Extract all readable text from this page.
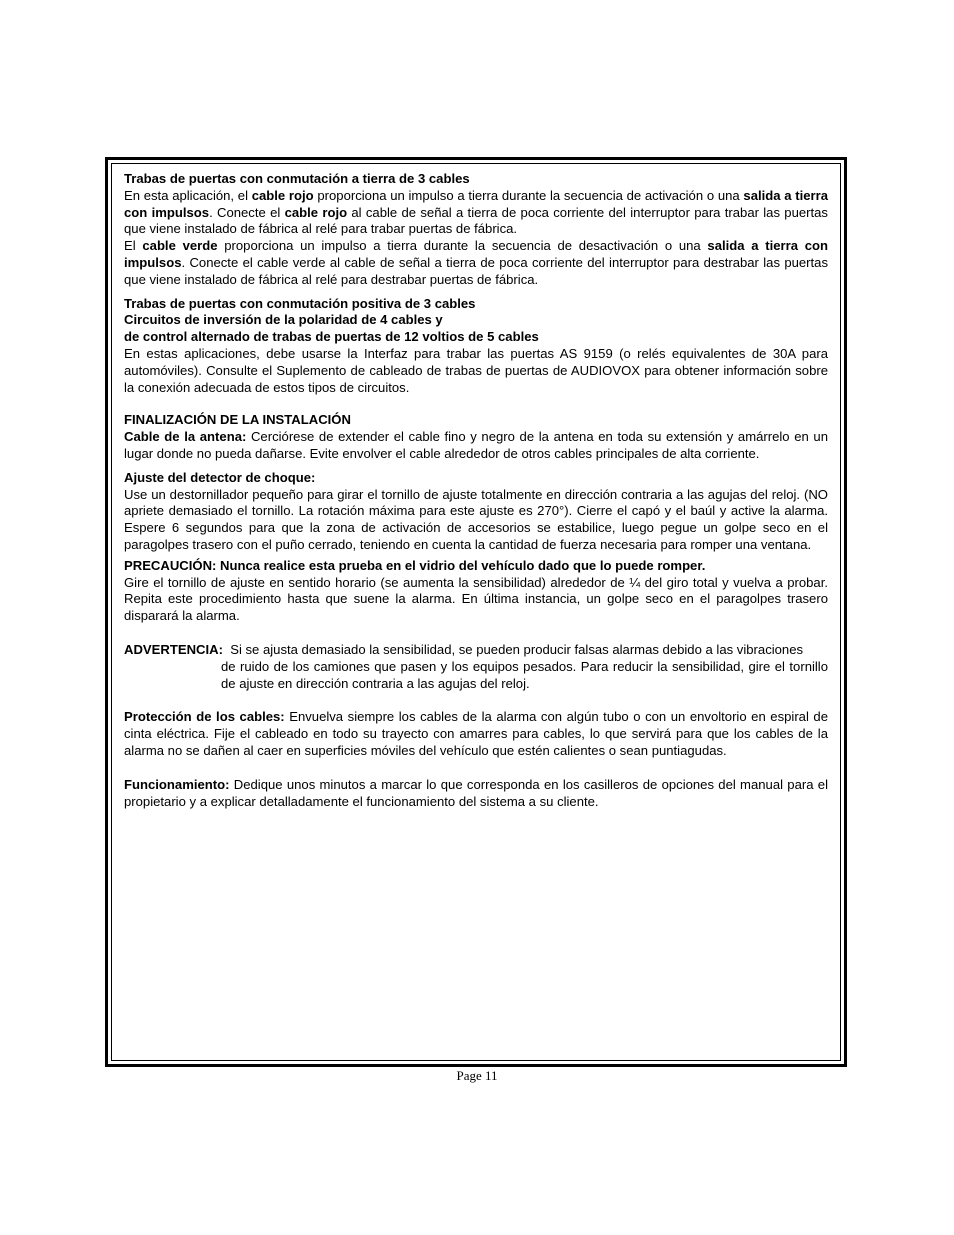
Trabas de puertas con conmutación a tierra de 3 cables

En esta aplicación, el cable rojo proporciona un impulso a tierra durante la secuencia de activación o una salida a tierra con impulsos. Conecte el cable rojo al cable de señal a tierra de poca corriente del interruptor para trabar las puertas que viene instalado de fábrica al relé para trabar puertas de fábrica.

El cable verde proporciona un impulso a tierra durante la secuencia de desactivación o una salida a tierra con impulsos. Conecte el cable verde al cable de señal a tierra de poca corriente del interruptor para destrabar las puertas que viene instalado de fábrica al relé para destrabar puertas de fábrica.

Trabas de puertas con conmutación positiva de 3 cables

Circuitos de inversión de la polaridad de 4 cables y

de control alternado de trabas de puertas de 12 voltios de 5 cables

En estas aplicaciones, debe usarse la Interfaz para trabar las puertas AS 9159 (o relés equivalentes de 30A para automóviles). Consulte el Suplemento de cableado de trabas de puertas de AUDIOVOX para obtener información sobre la conexión adecuada de estos tipos de circuitos.

FINALIZACIÓN DE LA INSTALACIÓN

Cable de la antena: Cerciórese de extender el cable fino y negro de la antena en toda su extensión y amárrelo en un lugar donde no pueda dañarse. Evite envolver el cable alrededor de otros cables principales de alta corriente.

Ajuste del detector de choque:

Use un destornillador pequeño para girar el tornillo de ajuste totalmente en dirección contraria a las agujas del reloj. (NO apriete demasiado el tornillo. La rotación máxima para este ajuste es 270°). Cierre el capó y el baúl y active la alarma. Espere 6 segundos para que la zona de activación de accesorios se estabilice, luego pegue un golpe seco en el paragolpes trasero con el puño cerrado, teniendo en cuenta la cantidad de fuerza necesaria para romper una ventana.

PRECAUCIÓN: Nunca realice esta prueba en el vidrio del vehículo dado que lo puede romper.

Gire el tornillo de ajuste en sentido horario (se aumenta la sensibilidad) alrededor de ¼ del giro total y vuelva a probar. Repita este procedimiento hasta que suene la alarma. En última instancia, un golpe seco en el paragolpes trasero disparará la alarma.

ADVERTENCIA: Si se ajusta demasiado la sensibilidad, se pueden producir falsas alarmas debido a las vibraciones

de ruido de los camiones que pasen y los equipos pesados. Para reducir la sensibilidad, gire el tornillo de ajuste en dirección contraria a las agujas del reloj.

Protección de los cables: Envuelva siempre los cables de la alarma con algún tubo o con un envoltorio en espiral de cinta eléctrica. Fije el cableado en todo su trayecto con amarres para cables, lo que servirá para que los cables de la alarma no se dañen al caer en superficies móviles del vehículo que estén calientes o sean puntiagudas.

Funcionamiento: Dedique unos minutos a marcar lo que corresponda en los casilleros de opciones del manual para el propietario y a explicar detalladamente el funcionamiento del sistema a su cliente.

Page 11
